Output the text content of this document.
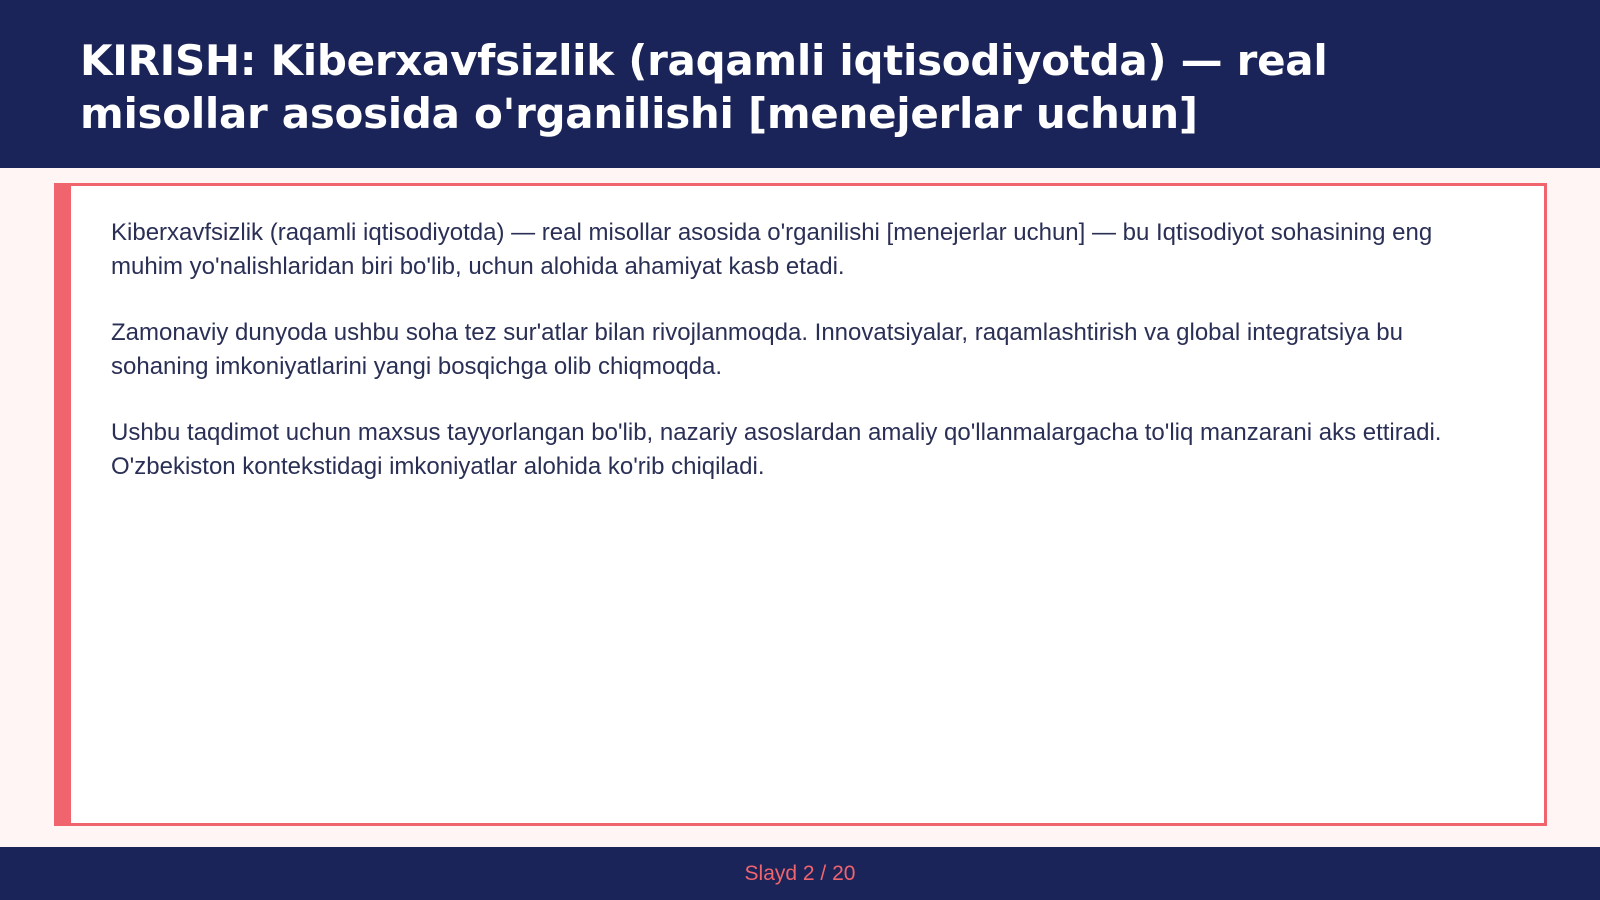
KIRISH: Kiberxavfsizlik (raqamli iqtisodiyotda) — real misollar asosida o'rganilishi [menejerlar uchun]

Kiberxavfsizlik (raqamli iqtisodiyotda) — real misollar asosida o'rganilishi [menejerlar uchun] — bu Iqtisodiyot sohasining eng muhim yo'nalishlaridan biri bo'lib, uchun alohida ahamiyat kasb etadi.

Zamonaviy dunyoda ushbu soha tez sur'atlar bilan rivojlanmoqda. Innovatsiyalar, raqamlashtirish va global integratsiya bu sohaning imkoniyatlarini yangi bosqichga olib chiqmoqda.

Ushbu taqdimot uchun maxsus tayyorlangan bo'lib, nazariy asoslardan amaliy qo'llanmalargacha to'liq manzarani aks ettiradi. O'zbekiston kontekstidagi imkoniyatlar alohida ko'rib chiqiladi.

Slayd 2 / 20
